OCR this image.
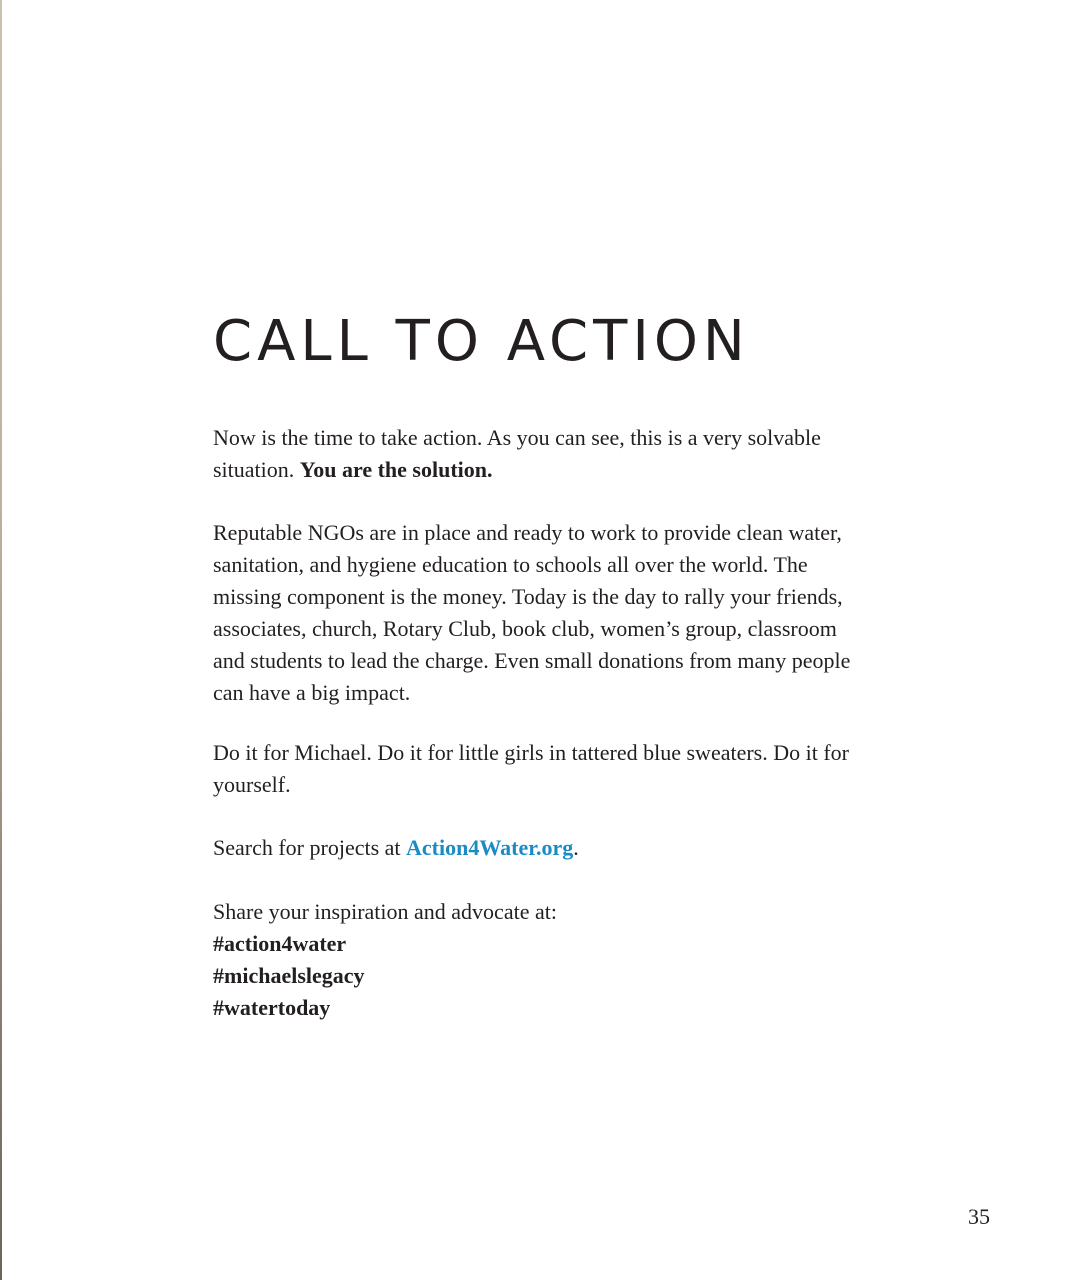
CALL TO ACTION

Now is the time to take action. As you can see, this is a very solvable situation. You are the solution.

Reputable NGOs are in place and ready to work to provide clean water, sanitation, and hygiene education to schools all over the world. The missing component is the money. Today is the day to rally your friends, associates, church, Rotary Club, book club, women’s group, classroom and students to lead the charge. Even small donations from many people can have a big impact.

Do it for Michael. Do it for little girls in tattered blue sweaters. Do it for yourself.

Search for projects at Action4Water.org.

Share your inspiration and advocate at:
#action4water
#michaelslegacy
#watertoday
35
